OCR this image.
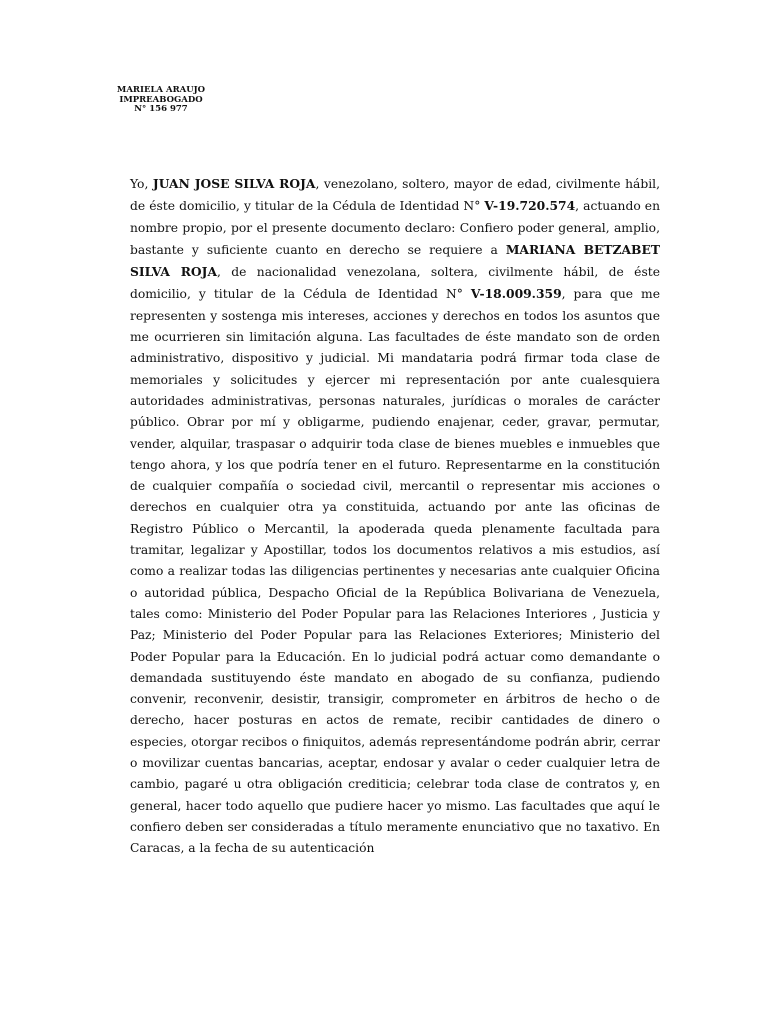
MARIELA ARAUJO
IMPREABOGADO
N° 156 977

Yo, JUAN JOSE SILVA ROJA, venezolano, soltero, mayor de edad, civilmente hábil, de éste domicilio, y titular de la Cédula de Identidad N° V-19.720.574, actuando en nombre propio, por el presente documento declaro: Confiero poder general, amplio, bastante y suficiente cuanto en derecho se requiere a MARIANA BETZABET SILVA ROJA, de nacionalidad venezolana, soltera, civilmente hábil, de éste domicilio, y titular de la Cédula de Identidad N° V-18.009.359, para que me representen y sostenga mis intereses, acciones y derechos en todos los asuntos que me ocurrieren sin limitación alguna. Las facultades de éste mandato son de orden administrativo, dispositivo y judicial. Mi mandataria podrá firmar toda clase de memoriales y solicitudes y ejercer mi representación por ante cualesquiera autoridades administrativas, personas naturales, jurídicas o morales de carácter público. Obrar por mí y obligarme, pudiendo enajenar, ceder, gravar, permutar, vender, alquilar, traspasar o adquirir toda clase de bienes muebles e inmuebles que tengo ahora, y los que podría tener en el futuro. Representarme en la constitución de cualquier compañía o sociedad civil, mercantil o representar mis acciones o derechos en cualquier otra ya constituida, actuando por ante las oficinas de Registro Público o Mercantil, la apoderada queda plenamente facultada para tramitar, legalizar y Apostillar, todos los documentos relativos a mis estudios, así como a realizar todas las diligencias pertinentes y necesarias ante cualquier Oficina o autoridad pública, Despacho Oficial de la República Bolivariana de Venezuela, tales como: Ministerio del Poder Popular para las Relaciones Interiores , Justicia y Paz; Ministerio del Poder Popular para las Relaciones Exteriores; Ministerio del Poder Popular para la Educación. En lo judicial podrá actuar como demandante o demandada sustituyendo éste mandato en abogado de su confianza, pudiendo convenir, reconvenir, desistir, transigir, comprometer en árbitros de hecho o de derecho, hacer posturas en actos de remate, recibir cantidades de dinero o especies, otorgar recibos o finiquitos, además representándome podrán abrir, cerrar o movilizar cuentas bancarias, aceptar, endosar y avalar o ceder cualquier letra de cambio, pagaré u otra obligación crediticia; celebrar toda clase de contratos y, en general, hacer todo aquello que pudiere hacer yo mismo. Las facultades que aquí le confiero deben ser consideradas a título meramente enunciativo que no taxativo. En Caracas, a la fecha de su autenticación
